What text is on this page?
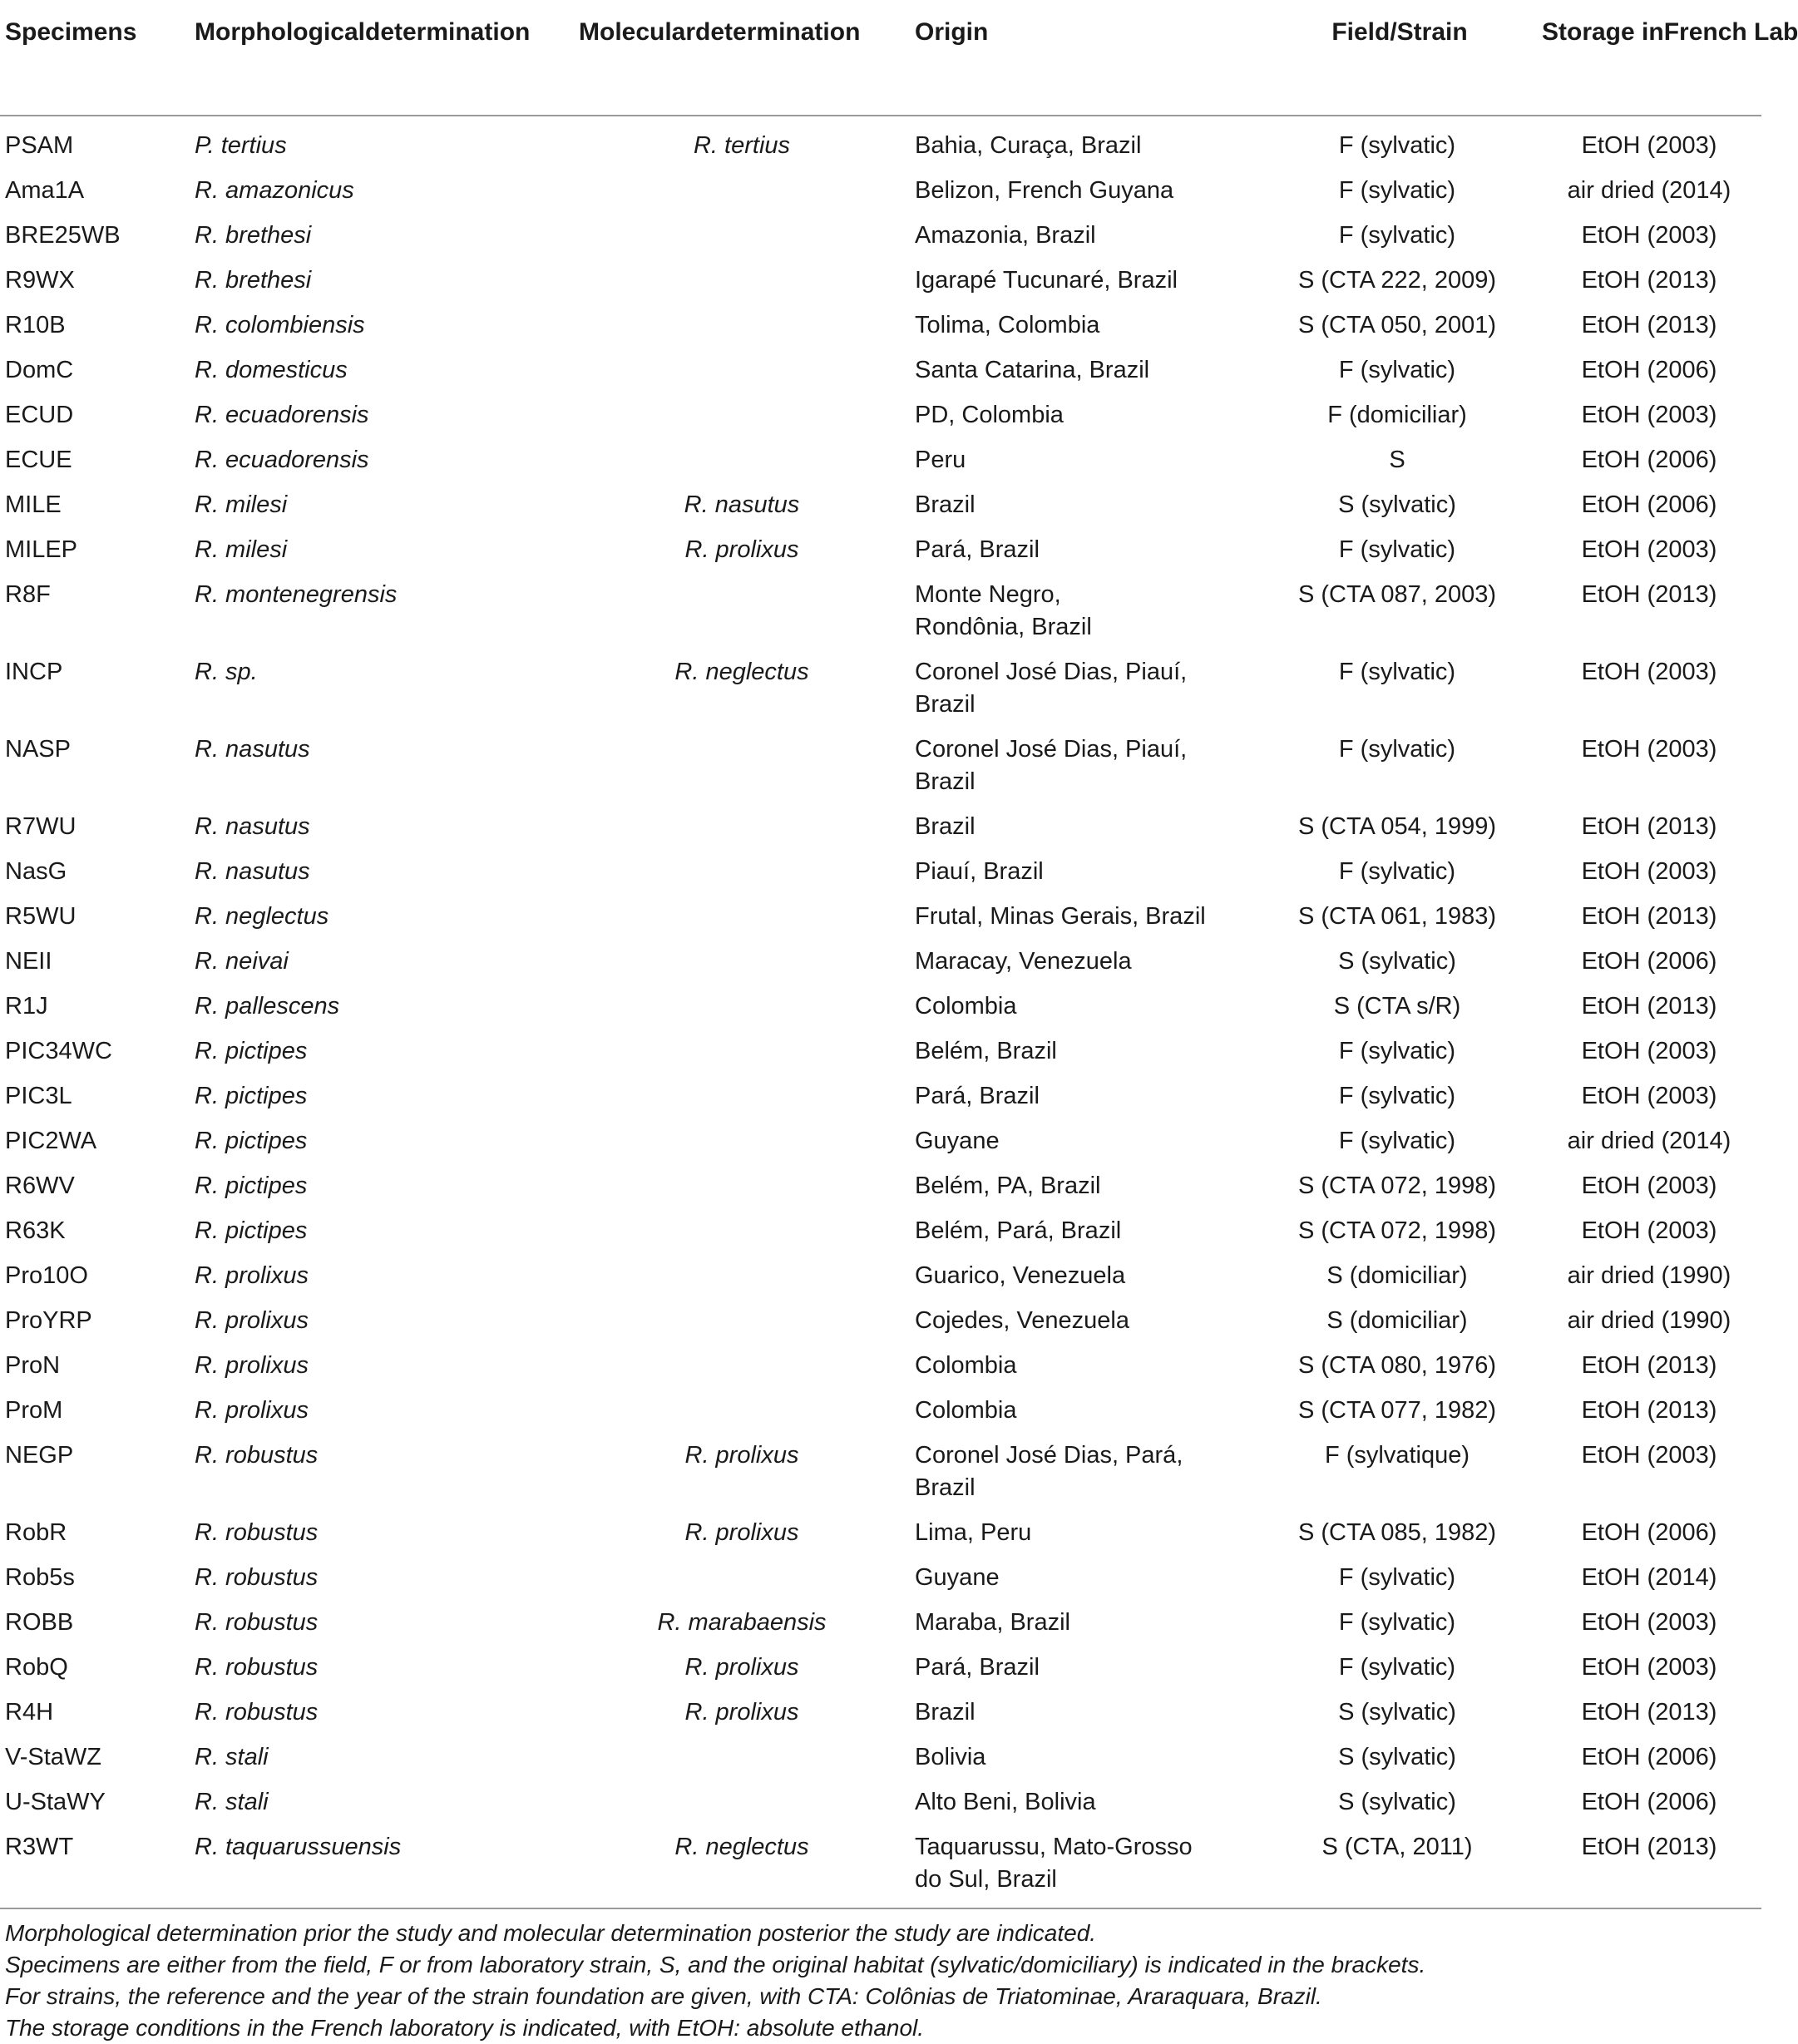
Specimens	Morphologicaldetermination	Moleculardetermination	Origin	Field/Strain	Storage inFrench Lab
PSAM	P. tertius	R. tertius	Bahia, Curaça, Brazil	F (sylvatic)	EtOH (2003)
Ama1A	R. amazonicus		Belizon, French Guyana	F (sylvatic)	air dried (2014)
BRE25WB	R. brethesi		Amazonia, Brazil	F (sylvatic)	EtOH (2003)
R9WX	R. brethesi		Igarapé Tucunaré, Brazil	S (CTA 222, 2009)	EtOH (2013)
R10B	R. colombiensis		Tolima, Colombia	S (CTA 050, 2001)	EtOH (2013)
DomC	R. domesticus		Santa Catarina, Brazil	F (sylvatic)	EtOH (2006)
ECUD	R. ecuadorensis		PD, Colombia	F (domiciliar)	EtOH (2003)
ECUE	R. ecuadorensis		Peru	S	EtOH (2006)
MILE	R. milesi	R. nasutus	Brazil	S (sylvatic)	EtOH (2006)
MILEP	R. milesi	R. prolixus	Pará, Brazil	F (sylvatic)	EtOH (2003)
R8F	R. montenegrensis		Monte Negro,
Rondônia, Brazil	S (CTA 087, 2003)	EtOH (2013)
INCP	R. sp.	R. neglectus	Coronel José Dias, Piauí,
Brazil	F (sylvatic)	EtOH (2003)
NASP	R. nasutus		Coronel José Dias, Piauí,
Brazil	F (sylvatic)	EtOH (2003)
R7WU	R. nasutus		Brazil	S (CTA 054, 1999)	EtOH (2013)
NasG	R. nasutus		Piauí, Brazil	F (sylvatic)	EtOH (2003)
R5WU	R. neglectus		Frutal, Minas Gerais, Brazil	S (CTA 061, 1983)	EtOH (2013)
NEII	R. neivai		Maracay, Venezuela	S (sylvatic)	EtOH (2006)
R1J	R. pallescens		Colombia	S (CTA s/R)	EtOH (2013)
PIC34WC	R. pictipes		Belém, Brazil	F (sylvatic)	EtOH (2003)
PIC3L	R. pictipes		Pará, Brazil	F (sylvatic)	EtOH (2003)
PIC2WA	R. pictipes		Guyane	F (sylvatic)	air dried (2014)
R6WV	R. pictipes		Belém, PA, Brazil	S (CTA 072, 1998)	EtOH (2003)
R63K	R. pictipes		Belém, Pará, Brazil	S (CTA 072, 1998)	EtOH (2003)
Pro10O	R. prolixus		Guarico, Venezuela	S (domiciliar)	air dried (1990)
ProYRP	R. prolixus		Cojedes, Venezuela	S (domiciliar)	air dried (1990)
ProN	R. prolixus		Colombia	S (CTA 080, 1976)	EtOH (2013)
ProM	R. prolixus		Colombia	S (CTA 077, 1982)	EtOH (2013)
NEGP	R. robustus	R. prolixus	Coronel José Dias, Pará,
Brazil	F (sylvatique)	EtOH (2003)
RobR	R. robustus	R. prolixus	Lima, Peru	S (CTA 085, 1982)	EtOH (2006)
Rob5s	R. robustus		Guyane	F (sylvatic)	EtOH (2014)
ROBB	R. robustus	R. marabaensis	Maraba, Brazil	F (sylvatic)	EtOH (2003)
RobQ	R. robustus	R. prolixus	Pará, Brazil	F (sylvatic)	EtOH (2003)
R4H	R. robustus	R. prolixus	Brazil	S (sylvatic)	EtOH (2013)
V-StaWZ	R. stali		Bolivia	S (sylvatic)	EtOH (2006)
U-StaWY	R. stali		Alto Beni, Bolivia	S (sylvatic)	EtOH (2006)
R3WT	R. taquarussuensis	R. neglectus	Taquarussu, Mato-Grosso
do Sul, Brazil	S (CTA, 2011)	EtOH (2013)
Morphological determination prior the study and molecular determination posterior the study are indicated.
Specimens are either from the field, F or from laboratory strain, S, and the original habitat (sylvatic/domiciliary) is indicated in the brackets.
For strains, the reference and the year of the strain foundation are given, with CTA: Colônias de Triatominae, Araraquara, Brazil.
The storage conditions in the French laboratory is indicated, with EtOH: absolute ethanol.
